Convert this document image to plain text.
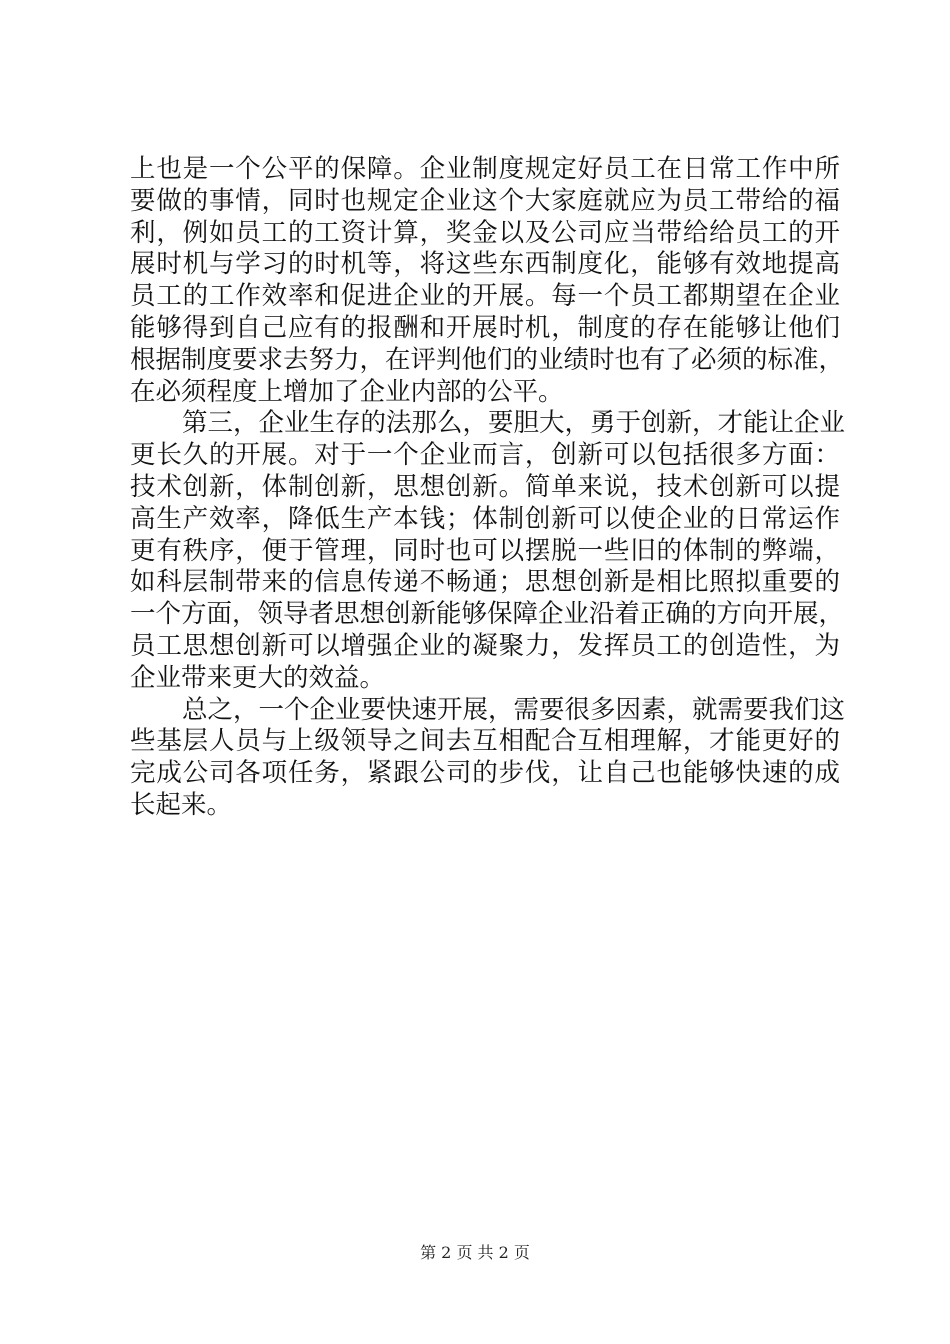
上也是一个公平的保障。企业制度规定好员工在日常工作中所
要做的事情，同时也规定企业这个大家庭就应为员工带给的福
利，例如员工的工资计算，奖金以及公司应当带给给员工的开
展时机与学习的时机等，将这些东西制度化，能够有效地提高
员工的工作效率和促进企业的开展。每一个员工都期望在企业
能够得到自己应有的报酬和开展时机，制度的存在能够让他们
根据制度要求去努力，在评判他们的业绩时也有了必须的标准，
在必须程度上增加了企业内部的公平。
第三，企业生存的法那么，要胆大，勇于创新，才能让企业
更长久的开展。对于一个企业而言，创新可以包括很多方面：
技术创新，体制创新，思想创新。简单来说，技术创新可以提
高生产效率，降低生产本钱；体制创新可以使企业的日常运作
更有秩序，便于管理，同时也可以摆脱一些旧的体制的弊端，
如科层制带来的信息传递不畅通；思想创新是相比照拟重要的
一个方面，领导者思想创新能够保障企业沿着正确的方向开展，
员工思想创新可以增强企业的凝聚力，发挥员工的创造性，为
企业带来更大的效益。
总之，一个企业要快速开展，需要很多因素，就需要我们这
些基层人员与上级领导之间去互相配合互相理解，才能更好的
完成公司各项任务，紧跟公司的步伐，让自己也能够快速的成
长起来。
第 2 页 共 2 页
